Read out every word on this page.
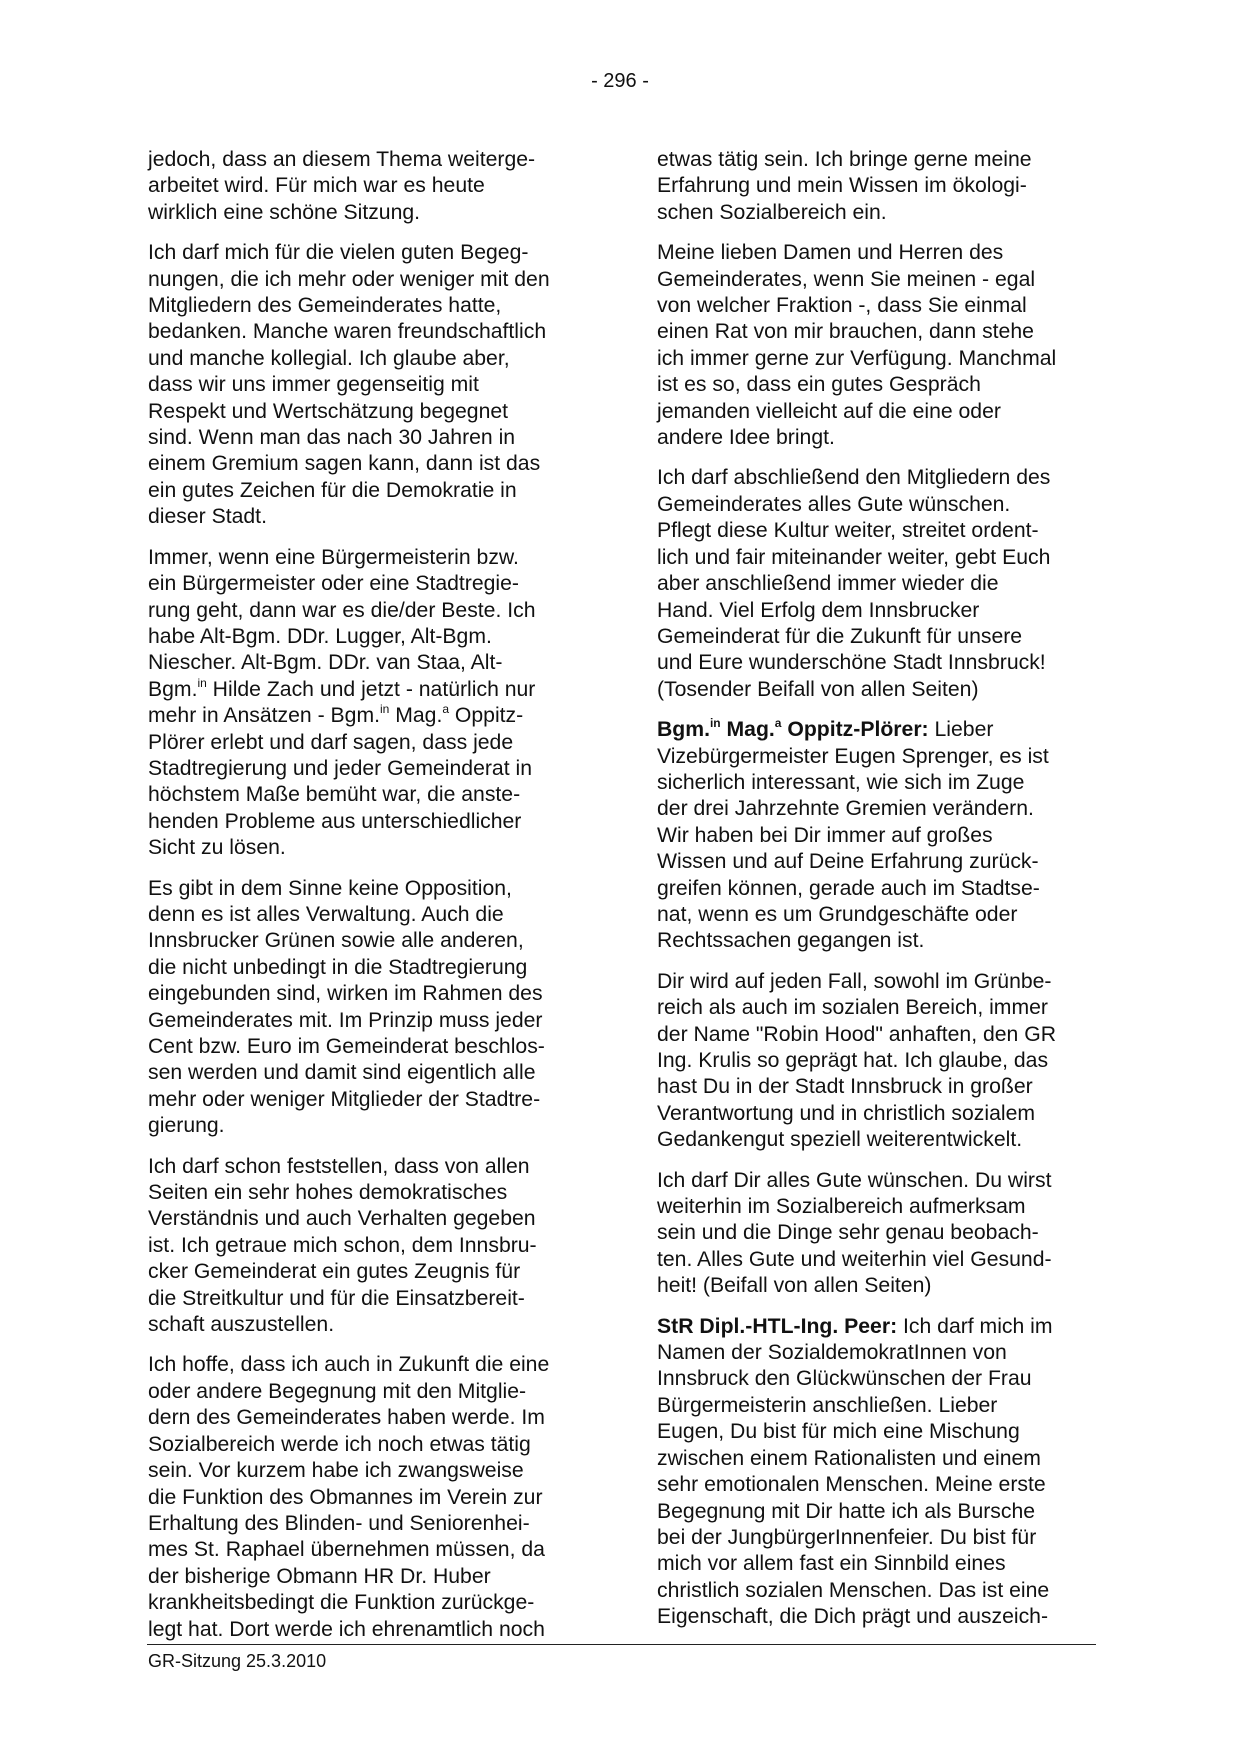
- 296 -

jedoch, dass an diesem Thema weiterge-
arbeitet wird. Für mich war es heute
wirklich eine schöne Sitzung.

Ich darf mich für die vielen guten Begeg-
nungen, die ich mehr oder weniger mit den
Mitgliedern des Gemeinderates hatte,
bedanken. Manche waren freundschaftlich
und manche kollegial. Ich glaube aber,
dass wir uns immer gegenseitig mit
Respekt und Wertschätzung begegnet
sind. Wenn man das nach 30 Jahren in
einem Gremium sagen kann, dann ist das
ein gutes Zeichen für die Demokratie in
dieser Stadt.

Immer, wenn eine Bürgermeisterin bzw.
ein Bürgermeister oder eine Stadtregie-
rung geht, dann war es die/der Beste. Ich
habe Alt-Bgm. DDr. Lugger, Alt-Bgm.
Niescher. Alt-Bgm. DDr. van Staa, Alt-
Bgm.$^{in}$ Hilde Zach und jetzt - natürlich nur
mehr in Ansätzen - Bgm.$^{in}$ Mag.$^a$ Oppitz-
Plörer erlebt und darf sagen, dass jede
Stadtregierung und jeder Gemeinderat in
höchstem Maße bemüht war, die anste-
henden Probleme aus unterschiedlicher
Sicht zu lösen.

Es gibt in dem Sinne keine Opposition,
denn es ist alles Verwaltung. Auch die
Innsbrucker Grünen sowie alle anderen,
die nicht unbedingt in die Stadtregierung
eingebunden sind, wirken im Rahmen des
Gemeinderates mit. Im Prinzip muss jeder
Cent bzw. Euro im Gemeinderat beschlos-
sen werden und damit sind eigentlich alle
mehr oder weniger Mitglieder der Stadtre-
gierung.

Ich darf schon feststellen, dass von allen
Seiten ein sehr hohes demokratisches
Verständnis und auch Verhalten gegeben
ist. Ich getraue mich schon, dem Innsbru-
cker Gemeinderat ein gutes Zeugnis für
die Streitkultur und für die Einsatzbereit-
schaft auszustellen.

Ich hoffe, dass ich auch in Zukunft die eine
oder andere Begegnung mit den Mitglie-
dern des Gemeinderates haben werde. Im
Sozialbereich werde ich noch etwas tätig
sein. Vor kurzem habe ich zwangsweise
die Funktion des Obmannes im Verein zur
Erhaltung des Blinden- und Seniorenhei-
mes St. Raphael übernehmen müssen, da
der bisherige Obmann HR Dr. Huber
krankheitsbedingt die Funktion zurückge-
legt hat. Dort werde ich ehrenamtlich noch

etwas tätig sein. Ich bringe gerne meine
Erfahrung und mein Wissen im ökologi-
schen Sozialbereich ein.

Meine lieben Damen und Herren des
Gemeinderates, wenn Sie meinen - egal
von welcher Fraktion -, dass Sie einmal
einen Rat von mir brauchen, dann stehe
ich immer gerne zur Verfügung. Manchmal
ist es so, dass ein gutes Gespräch
jemanden vielleicht auf die eine oder
andere Idee bringt.

Ich darf abschließend den Mitgliedern des
Gemeinderates alles Gute wünschen.
Pflegt diese Kultur weiter, streitet ordent-
lich und fair miteinander weiter, gebt Euch
aber anschließend immer wieder die
Hand. Viel Erfolg dem Innsbrucker
Gemeinderat für die Zukunft für unsere
und Eure wunderschöne Stadt Innsbruck!
(Tosender Beifall von allen Seiten)

Bgm.$^{in}$ Mag.$^a$ Oppitz-Plörer: Lieber
Vizebürgermeister Eugen Sprenger, es ist
sicherlich interessant, wie sich im Zuge
der drei Jahrzehnte Gremien verändern.
Wir haben bei Dir immer auf großes
Wissen und auf Deine Erfahrung zurück-
greifen können, gerade auch im Stadtse-
nat, wenn es um Grundgeschäfte oder
Rechtssachen gegangen ist.

Dir wird auf jeden Fall, sowohl im Grünbe-
reich als auch im sozialen Bereich, immer
der Name "Robin Hood" anhaften, den GR
Ing. Krulis so geprägt hat. Ich glaube, das
hast Du in der Stadt Innsbruck in großer
Verantwortung und in christlich sozialem
Gedankengut speziell weiterentwickelt.

Ich darf Dir alles Gute wünschen. Du wirst
weiterhin im Sozialbereich aufmerksam
sein und die Dinge sehr genau beobach-
ten. Alles Gute und weiterhin viel Gesund-
heit! (Beifall von allen Seiten)

StR Dipl.-HTL-Ing. Peer: Ich darf mich im
Namen der SozialdemokratInnen von
Innsbruck den Glückwünschen der Frau
Bürgermeisterin anschließen. Lieber
Eugen, Du bist für mich eine Mischung
zwischen einem Rationalisten und einem
sehr emotionalen Menschen. Meine erste
Begegnung mit Dir hatte ich als Bursche
bei der JungbürgerInnenfeier. Du bist für
mich vor allem fast ein Sinnbild eines
christlich sozialen Menschen. Das ist eine
Eigenschaft, die Dich prägt und auszeich-

GR-Sitzung 25.3.2010
